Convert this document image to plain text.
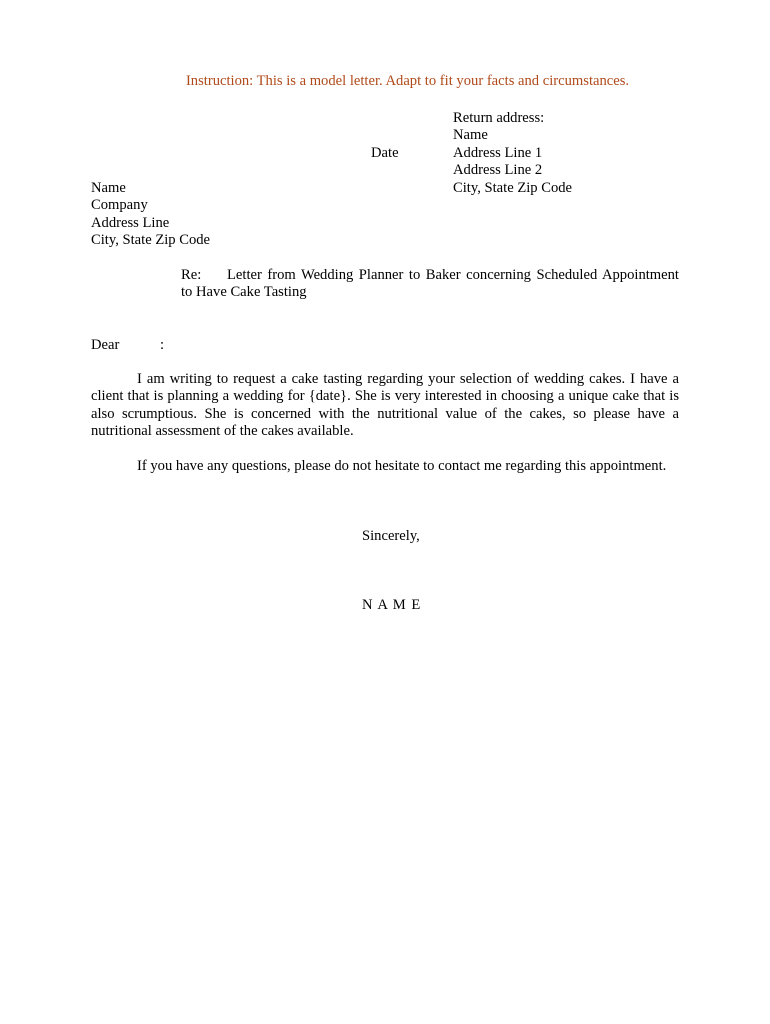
Instruction: This is a model letter. Adapt to fit your facts and circumstances.
Return address:
Name
Address Line 1
Address Line 2
City, State Zip Code
Date
Name
Company
Address Line
City, State Zip Code
Re:	Letter from Wedding Planner to Baker concerning Scheduled Appointment to Have Cake Tasting
Dear	:
I am writing to request a cake tasting regarding your selection of wedding cakes. I have a client that is planning a wedding for {date}. She is very interested in choosing a unique cake that is also scrumptious. She is concerned with the nutritional value of the cakes, so please have a nutritional assessment of the cakes available.
If you have any questions, please do not hesitate to contact me regarding this appointment.
Sincerely,
N A M E
